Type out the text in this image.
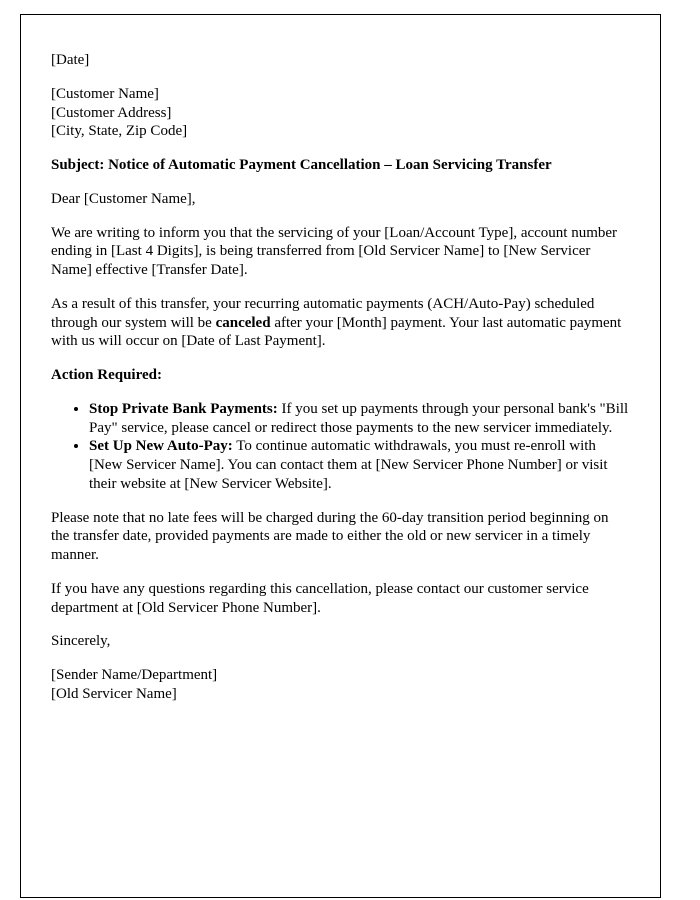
[Date]

[Customer Name]
[Customer Address]
[City, State, Zip Code]

Subject: Notice of Automatic Payment Cancellation – Loan Servicing Transfer

Dear [Customer Name],

We are writing to inform you that the servicing of your [Loan/Account Type], account number ending in [Last 4 Digits], is being transferred from [Old Servicer Name] to [New Servicer Name] effective [Transfer Date].

As a result of this transfer, your recurring automatic payments (ACH/Auto-Pay) scheduled through our system will be canceled after your [Month] payment. Your last automatic payment with us will occur on [Date of Last Payment].

Action Required:

• Stop Private Bank Payments: If you set up payments through your personal bank's "Bill Pay" service, please cancel or redirect those payments to the new servicer immediately.
• Set Up New Auto-Pay: To continue automatic withdrawals, you must re-enroll with [New Servicer Name]. You can contact them at [New Servicer Phone Number] or visit their website at [New Servicer Website].

Please note that no late fees will be charged during the 60-day transition period beginning on the transfer date, provided payments are made to either the old or new servicer in a timely manner.

If you have any questions regarding this cancellation, please contact our customer service department at [Old Servicer Phone Number].

Sincerely,

[Sender Name/Department]
[Old Servicer Name]
